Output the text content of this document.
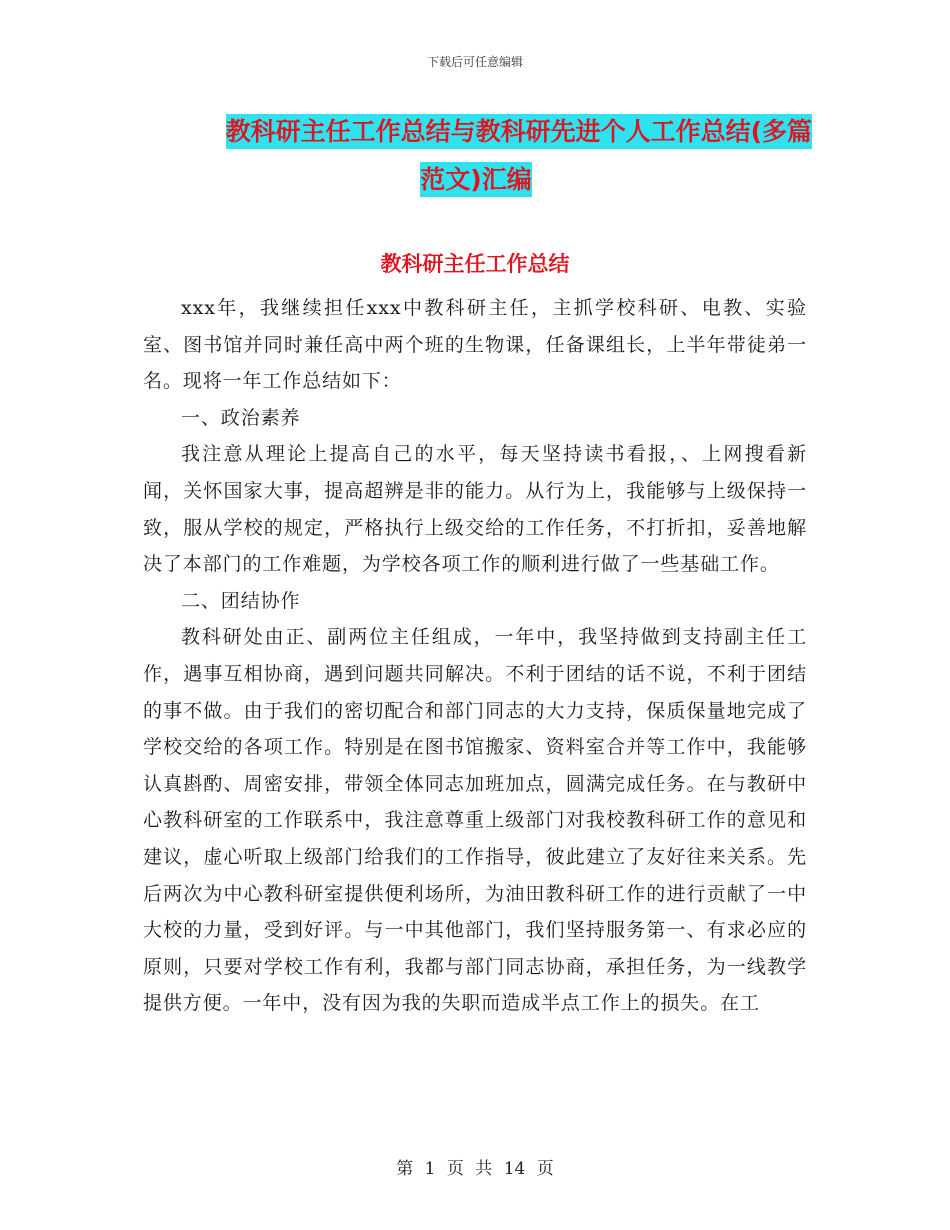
下载后可任意编辑
教科研主任工作总结与教科研先进个人工作总结(多篇
范文)汇编
教科研主任工作总结

xxx年，我继续担任xxx中教科研主任，主抓学校科研、电教、实验室、图书馆并同时兼任高中两个班的生物课，任备课组长，上半年带徒弟一名。现将一年工作总结如下：

一、政治素养

我注意从理论上提高自己的水平，每天坚持读书看报，、上网搜看新闻，关怀国家大事，提高超辨是非的能力。从行为上，我能够与上级保持一致，服从学校的规定，严格执行上级交给的工作任务，不打折扣，妥善地解决了本部门的工作难题，为学校各项工作的顺利进行做了一些基础工作。

二、团结协作

教科研处由正、副两位主任组成，一年中，我坚持做到支持副主任工作，遇事互相协商，遇到问题共同解决。不利于团结的话不说，不利于团结的事不做。由于我们的密切配合和部门同志的大力支持，保质保量地完成了学校交给的各项工作。特别是在图书馆搬家、资料室合并等工作中，我能够认真斟酌、周密安排，带领全体同志加班加点，圆满完成任务。在与教研中心教科研室的工作联系中，我注意尊重上级部门对我校教科研工作的意见和建议，虚心听取上级部门给我们的工作指导，彼此建立了友好往来关系。先后两次为中心教科研室提供便利场所，为油田教科研工作的进行贡献了一中大校的力量，受到好评。与一中其他部门，我们坚持服务第一、有求必应的原则，只要对学校工作有利，我都与部门同志协商，承担任务，为一线教学提供方便。一年中，没有因为我的失职而造成半点工作上的损失。在工

第 1 页 共 14 页
